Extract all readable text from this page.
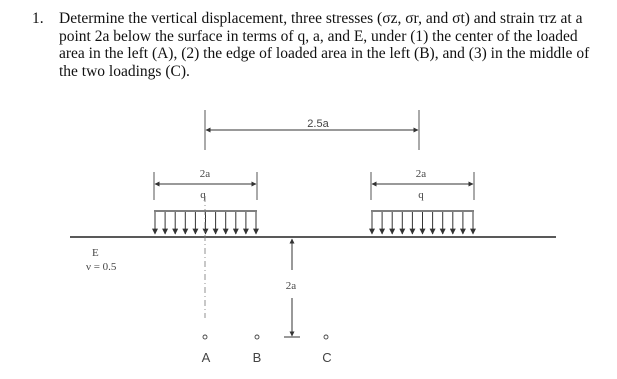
1. Determine the vertical displacement, three stresses (σz, σr, and σt) and strain τrz at a point 2a below the surface in terms of q, a, and E, under (1) the center of the loaded area in the left (A), (2) the edge of loaded area in the left (B), and (3) in the middle of the two loadings (C).
2.5a
2a
q
2a
q
2a
E
ν = 0.5
A	B	C
